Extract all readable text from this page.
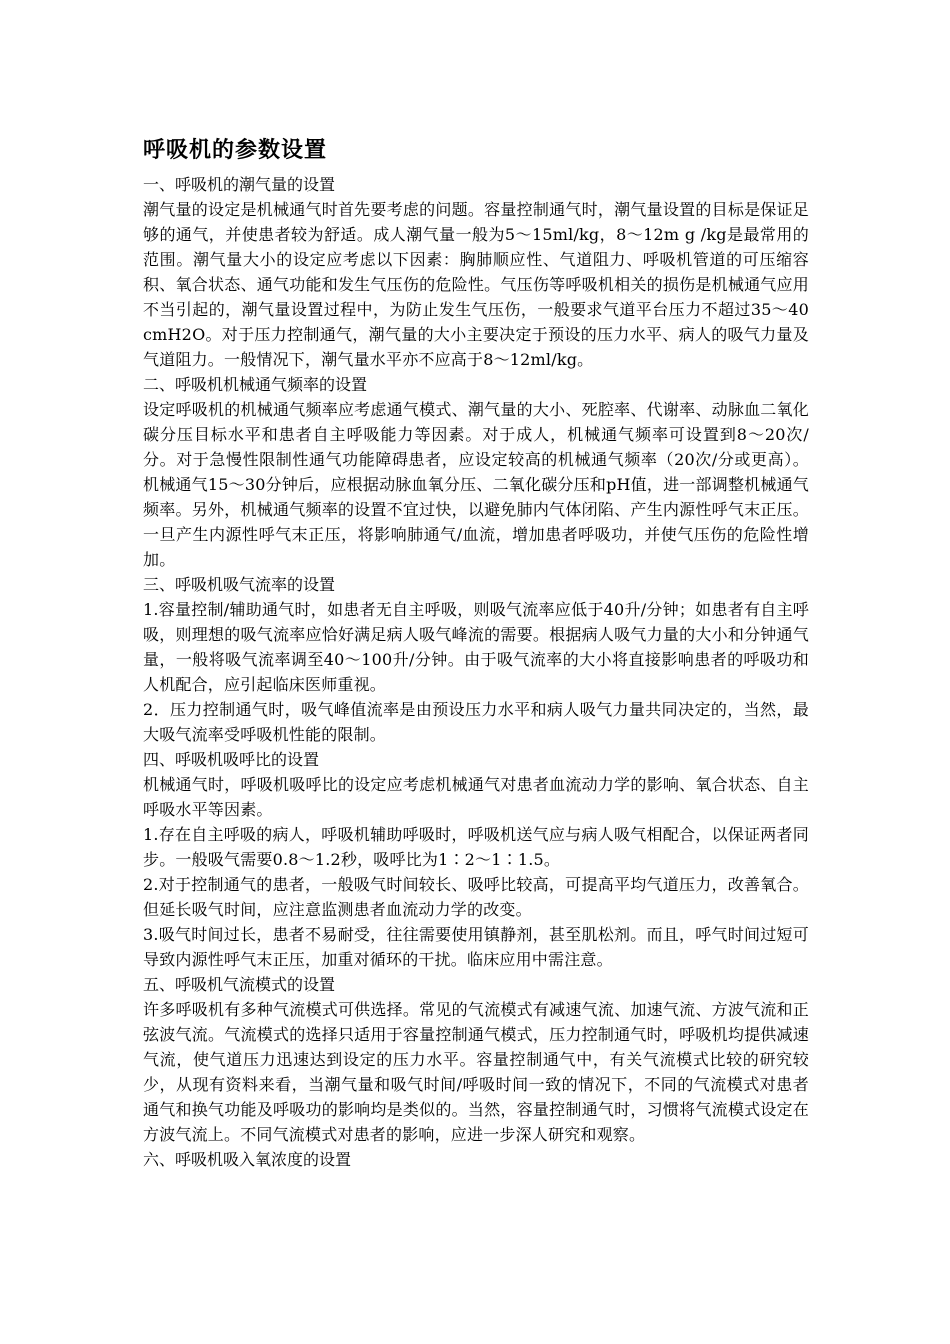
呼吸机的参数设置

一、呼吸机的潮气量的设置

潮气量的设定是机械通气时首先要考虑的问题。容量控制通气时，潮气量设置的目标是保证足够的通气，并使患者较为舒适。成人潮气量一般为5～15ml/kg，8～12m g /kg是最常用的范围。潮气量大小的设定应考虑以下因素：胸肺顺应性、气道阻力、呼吸机管道的可压缩容积、氧合状态、通气功能和发生气压伤的危险性。气压伤等呼吸机相关的损伤是机械通气应用不当引起的，潮气量设置过程中，为防止发生气压伤，一般要求气道平台压力不超过35～40cmH2O。对于压力控制通气，潮气量的大小主要决定于预设的压力水平、病人的吸气力量及气道阻力。一般情况下，潮气量水平亦不应高于8～12ml/kg。

二、呼吸机机械通气频率的设置

设定呼吸机的机械通气频率应考虑通气模式、潮气量的大小、死腔率、代谢率、动脉血二氧化碳分压目标水平和患者自主呼吸能力等因素。对于成人，机械通气频率可设置到8～20次/分。对于急慢性限制性通气功能障碍患者，应设定较高的机械通气频率（20次/分或更高）。机械通气15～30分钟后，应根据动脉血氧分压、二氧化碳分压和pH值，进一部调整机械通气频率。另外，机械通气频率的设置不宜过快，以避免肺内气体闭陷、产生内源性呼气末正压。一旦产生内源性呼气末正压，将影响肺通气/血流，增加患者呼吸功，并使气压伤的危险性增加。

三、呼吸机吸气流率的设置

1.容量控制/辅助通气时，如患者无自主呼吸，则吸气流率应低于40升/分钟；如患者有自主呼吸，则理想的吸气流率应恰好满足病人吸气峰流的需要。根据病人吸气力量的大小和分钟通气量，一般将吸气流率调至40～100升/分钟。由于吸气流率的大小将直接影响患者的呼吸功和人机配合，应引起临床医师重视。

2．压力控制通气时，吸气峰值流率是由预设压力水平和病人吸气力量共同决定的，当然，最大吸气流率受呼吸机性能的限制。

四、呼吸机吸呼比的设置

机械通气时，呼吸机吸呼比的设定应考虑机械通气对患者血流动力学的影响、氧合状态、自主呼吸水平等因素。

1.存在自主呼吸的病人，呼吸机辅助呼吸时，呼吸机送气应与病人吸气相配合，以保证两者同步。一般吸气需要0.8～1.2秒，吸呼比为1∶2～1∶1.5。

2.对于控制通气的患者，一般吸气时间较长、吸呼比较高，可提高平均气道压力，改善氧合。但延长吸气时间，应注意监测患者血流动力学的改变。

3.吸气时间过长，患者不易耐受，往往需要使用镇静剂，甚至肌松剂。而且，呼气时间过短可导致内源性呼气末正压，加重对循环的干扰。临床应用中需注意。

五、呼吸机气流模式的设置

许多呼吸机有多种气流模式可供选择。常见的气流模式有减速气流、加速气流、方波气流和正弦波气流。气流模式的选择只适用于容量控制通气模式，压力控制通气时，呼吸机均提供减速气流，使气道压力迅速达到设定的压力水平。容量控制通气中，有关气流模式比较的研究较少，从现有资料来看，当潮气量和吸气时间/呼吸时间一致的情况下，不同的气流模式对患者通气和换气功能及呼吸功的影响均是类似的。当然，容量控制通气时，习惯将气流模式设定在方波气流上。不同气流模式对患者的影响，应进一步深人研究和观察。

六、呼吸机吸入氧浓度的设置
